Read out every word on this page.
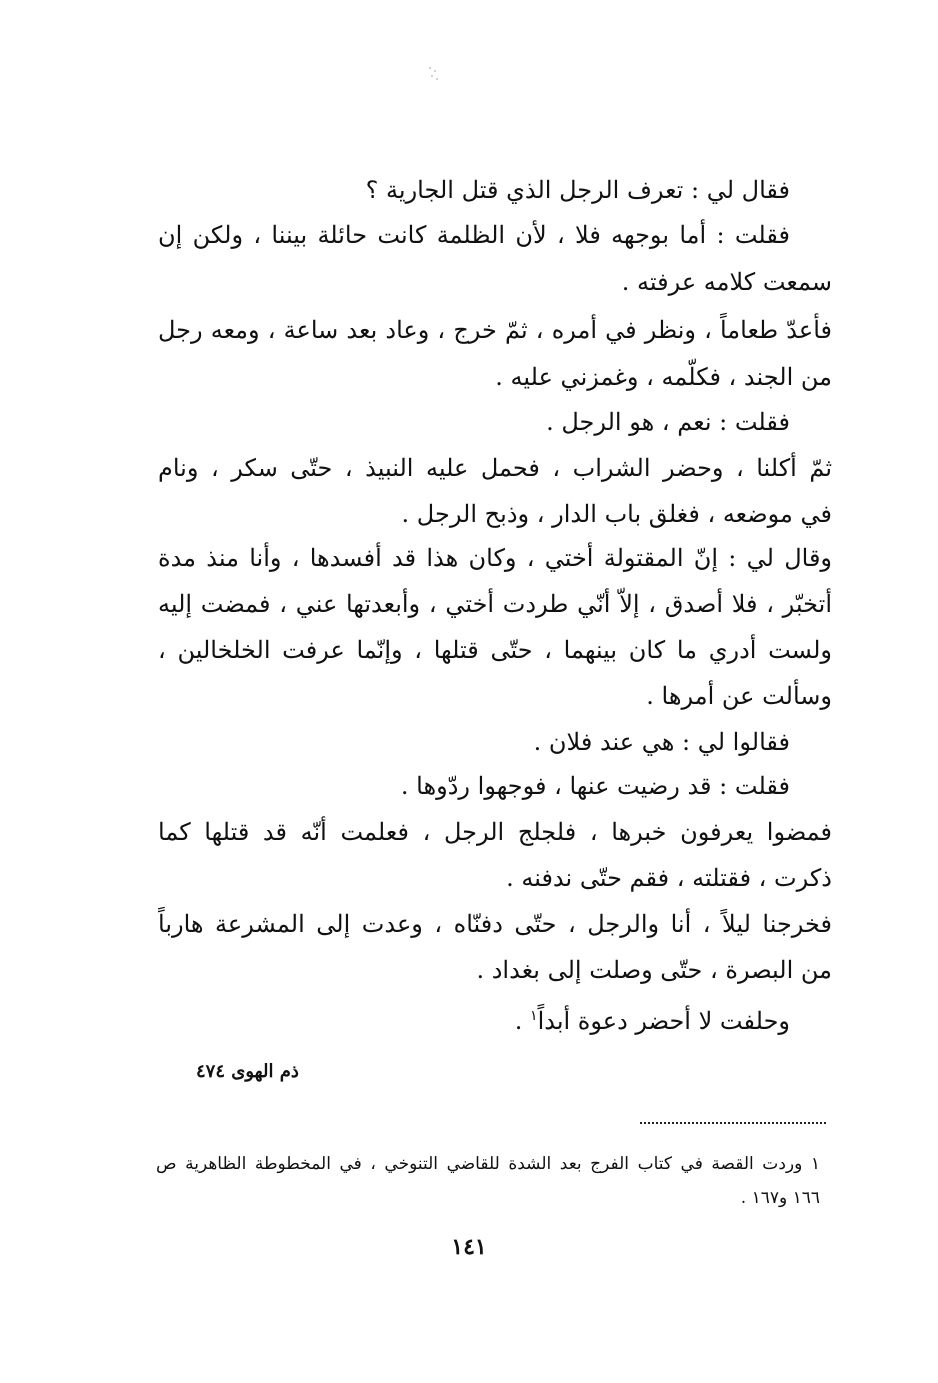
فقال لي : تعرف الرجل الذي قتل الجارية ؟
فقلت : أما بوجهه فلا ، لأن الظلمة كانت حائلة بيننا ، ولكن إن
سمعت كلامه عرفته .
فأعدّ طعاماً ، ونظر في أمره ، ثمّ خرج ، وعاد بعد ساعة ، ومعه رجل
من الجند ، فكلّمه ، وغمزني عليه .
فقلت : نعم ، هو الرجل .
ثمّ أكلنا ، وحضر الشراب ، فحمل عليه النبيذ ، حتّى سكر ، ونام
في موضعه ، فغلق باب الدار ، وذبح الرجل .
وقال لي : إنّ المقتولة أختي ، وكان هذا قد أفسدها ، وأنا منذ مدة
أتخبّر ، فلا أصدق ، إلاّ أنّي طردت أختي ، وأبعدتها عني ، فمضت إليه
ولست أدري ما كان بينهما ، حتّى قتلها ، وإنّما عرفت الخلخالين ،
وسألت عن أمرها .
فقالوا لي : هي عند فلان .
فقلت : قد رضيت عنها ، فوجهوا ردّوها .
فمضوا يعرفون خبرها ، فلجلج الرجل ، فعلمت أنّه قد قتلها كما
ذكرت ، فقتلته ، فقم حتّى ندفنه .
فخرجنا ليلاً ، أنا والرجل ، حتّى دفنّاه ، وعدت إلى المشرعة هارباً
من البصرة ، حتّى وصلت إلى بغداد .
وحلفت لا أحضر دعوة أبداً$^١$ .
ذم الهوى ٤٧٤
١ وردت القصة في كتاب الفرج بعد الشدة للقاضي التنوخي ، في المخطوطة الظاهرية ص
١٦٦ و١٦٧ .
١٤١
